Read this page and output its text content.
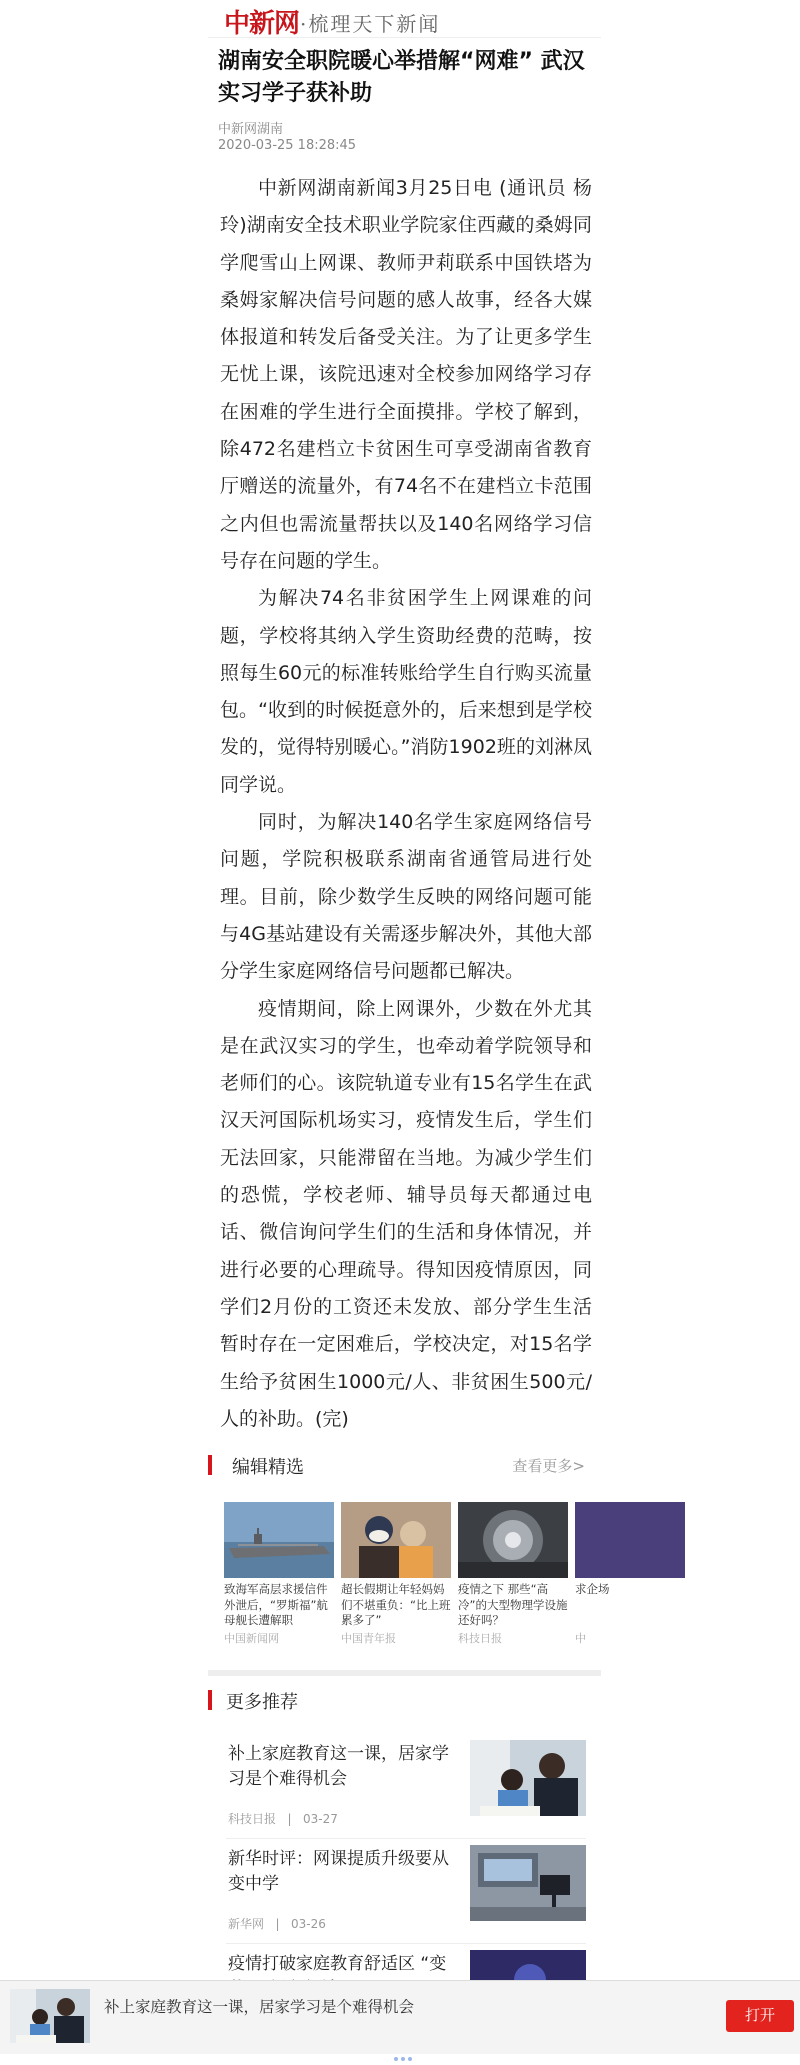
中新网 ·梳理天下新闻
湖南安全职院暖心举措解“网难” 武汉实习学子获补助
中新网湖南
2020-03-25 18:28:45

中新网湖南新闻3月25日电 (通讯员 杨玲)湖南安全技术职业学院家住西藏的桑姆同学爬雪山上网课、教师尹莉联系中国铁塔为桑姆家解决信号问题的感人故事，经各大媒体报道和转发后备受关注。为了让更多学生无忧上课，该院迅速对全校参加网络学习存在困难的学生进行全面摸排。学校了解到，除472名建档立卡贫困生可享受湖南省教育厅赠送的流量外，有74名不在建档立卡范围之内但也需流量帮扶以及140名网络学习信号存在问题的学生。

为解决74名非贫困学生上网课难的问题，学校将其纳入学生资助经费的范畴，按照每生60元的标准转账给学生自行购买流量包。“收到的时候挺意外的，后来想到是学校发的，觉得特别暖心。”消防1902班的刘淋凤同学说。

同时，为解决140名学生家庭网络信号问题，学院积极联系湖南省通管局进行处理。目前，除少数学生反映的网络问题可能与4G基站建设有关需逐步解决外，其他大部分学生家庭网络信号问题都已解决。

疫情期间，除上网课外，少数在外尤其是在武汉实习的学生，也牵动着学院领导和老师们的心。该院轨道专业有15名学生在武汉天河国际机场实习，疫情发生后，学生们无法回家，只能滞留在当地。为减少学生们的恐慌，学校老师、辅导员每天都通过电话、微信询问学生们的生活和身体情况，并进行必要的心理疏导。得知因疫情原因，同学们2月份的工资还未发放、部分学生生活暂时存在一定困难后，学校决定，对15名学生给予贫困生1000元/人、非贫困生500元/人的补助。(完)

编辑精选	查看更多>
致海军高层求援信件外泄后，“罗斯福”航母舰长遭解职
中国新闻网
超长假期让年轻妈妈们不堪重负：“比上班累多了”
中国青年报
疫情之下 那些“高冷”的大型物理学设施还好吗？
科技日报
求企场
中
更多推荐
补上家庭教育这一课，居家学习是个难得机会
科技日报 | 03-27
新华时评：网课提质升级要从变中学
新华网 | 03-26
疫情打破家庭教育舒适区 “变
补上家庭教育这一课，居家学习是个难得机会	打开
